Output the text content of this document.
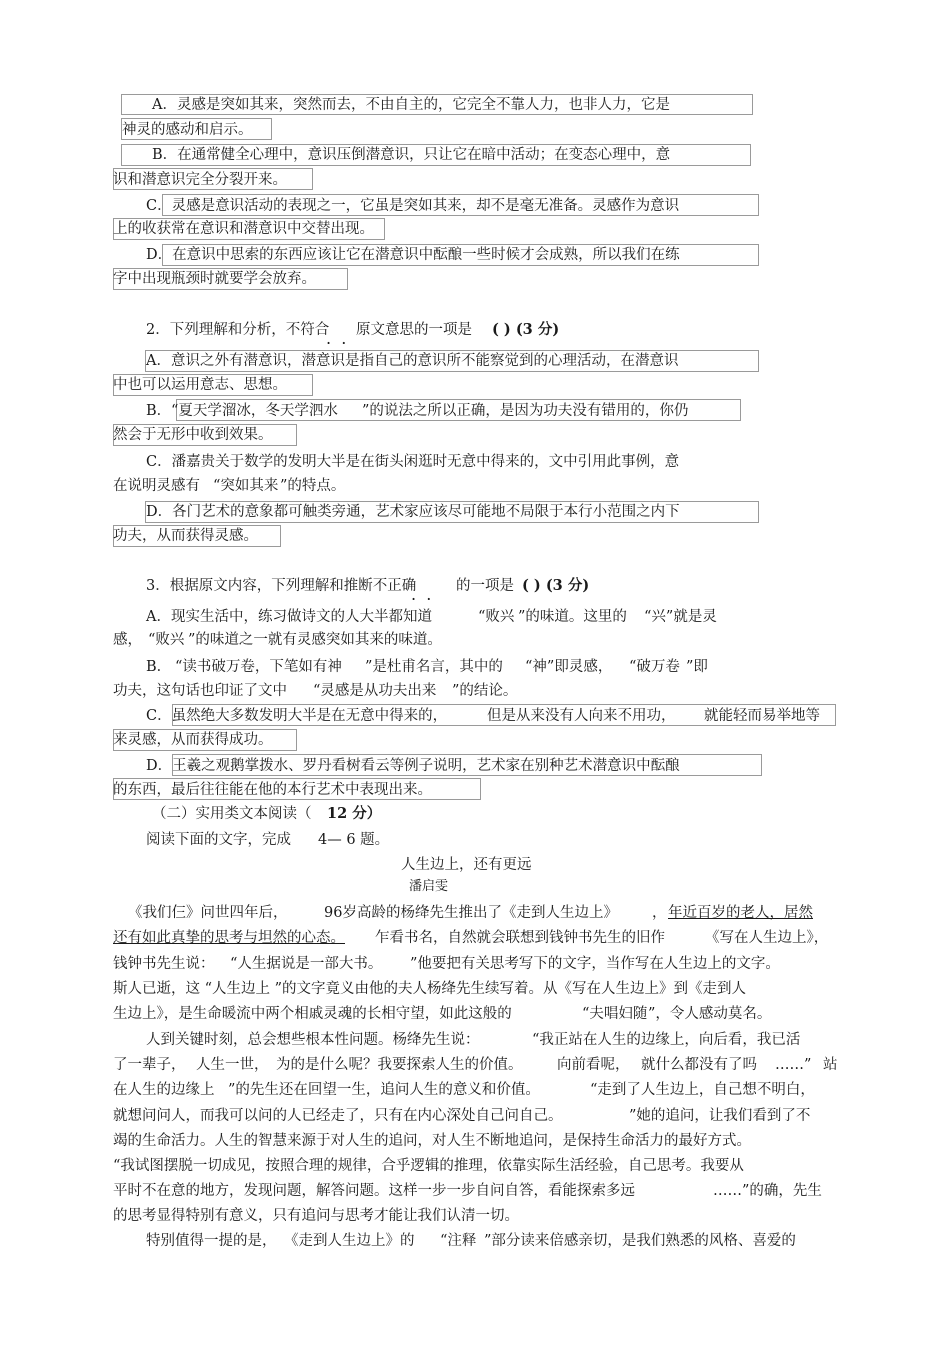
A．灵感是突如其来，突然而去，不由自主的，它完全不靠人力，也非人力，它是
神灵的感动和启示。
B．在通常健全心理中，意识压倒潜意识，只让它在暗中活动；在变态心理中，意
识和潜意识完全分裂开来。
C．灵感是意识活动的表现之一，它虽是突如其来，却不是毫无准备。灵感作为意识
上的收获常在意识和潜意识中交替出现。
D．在意识中思索的东西应该让它在潜意识中酝酿一些时候才会成熟，所以我们在练
字中出现瓶颈时就要学会放弃。
2．下列理解和分析，不符合
.  . 原文意思的一项是 ( ) (3 分)
A．意识之外有潜意识，潜意识是指自己的意识所不能察觉到的心理活动，在潜意识
中也可以运用意志、思想。
B． “夏天学溜冰，冬天学泗水 ”的说法之所以正确，是因为功夫没有错用的，你仍
然会于无形中收到效果。
C．潘嘉贵关于数学的发明大半是在街头闲逛时无意中得来的，文中引用此事例，意
在说明灵感有 “突如其来 ”的特点。
D．各门艺术的意象都可触类旁通，艺术家应该尽可能地不局限于本行小范围之内下
功夫，从而获得灵感。
3．根据原文内容，下列理解和推断不正确
.  . 的一项是 ( ) (3 分)
A．现实生活中，练习做诗文的人大半都知道	“败兴 ”的味道。这里的 “兴”就是灵
感， “败兴 ”的味道之一就有灵感突如其来的味道。
B． “读书破万卷，下笔如有神 ”是杜甫名言，其中的 “神”即灵感， “破万卷 ”即
功夫，这句话也印证了文中 “灵感是从功夫出来 ”的结论。
C．虽然绝大多数发明大半是在无意中得来的，	但是从来没有人向来不用功， 就能轻而易举地等
来灵感，从而获得成功。
D．王羲之观鹅掌拨水、罗丹看树看云等例子说明，艺术家在别种艺术潜意识中酝酿
的东西，最后往往能在他的本行艺术中表现出来。
（二）实用类文本阅读（ 12 分）
阅读下面的文字，完成 4— 6 题。
人生边上，还有更远
潘启雯
《我们仨》问世四年后，	96岁高龄的杨绛先生推出了《走到人生边上》 ， 年近百岁的老人，居然
还有如此真挚的思考与坦然的心态。 乍看书名，自然就会联想到钱钟书先生的旧作	《写在人生边上》，
钱钟书先生说： “人生据说是一部大书。 ”他要把有关思考写下的文字，当作写在人生边上的文字。
斯人已逝，这 “人生边上 ”的文字竟义由他的夫人杨绛先生续写着。从《写在人生边上》到《走到人
生边上》，是生命暖流中两个相戚灵魂的长相守望，如此这般的	“夫唱妇随 ”，令人感动莫名。
人到关键时刻，总会想些根本性问题。杨绛先生说：	“我正站在人生的边缘上，向后看，我已活
了一辈子， 人生一世， 为的是什么呢？我要探索人生的价值。 向前看呢， 就什么都没有了吗 ……” 站
在人生的边缘上 ”的先生还在回望一生，追问人生的意义和价值。	“走到了人生边上，自己想不明白，
就想问问人，而我可以问的人已经走了，只有在内心深处自己问自己。	”她的追问，让我们看到了不
竭的生命活力。人生的智慧来源于对人生的追问，对人生不断地追问，是保持生命活力的最好方式。
“我试图摆脱一切成见，按照合理的规律，合乎逻辑的推理，依靠实际生活经验，自己思考。我要从
平时不在意的地方，发现问题，解答问题。这样一步一步自问自答，看能探索多远	……”的确，先生
的思考显得特别有意义，只有追问与思考才能让我们认清一切。
特别值得一提的是， 《走到人生边上》的 “注释 ”部分读来倍感亲切，是我们熟悉的风格、喜爱的
